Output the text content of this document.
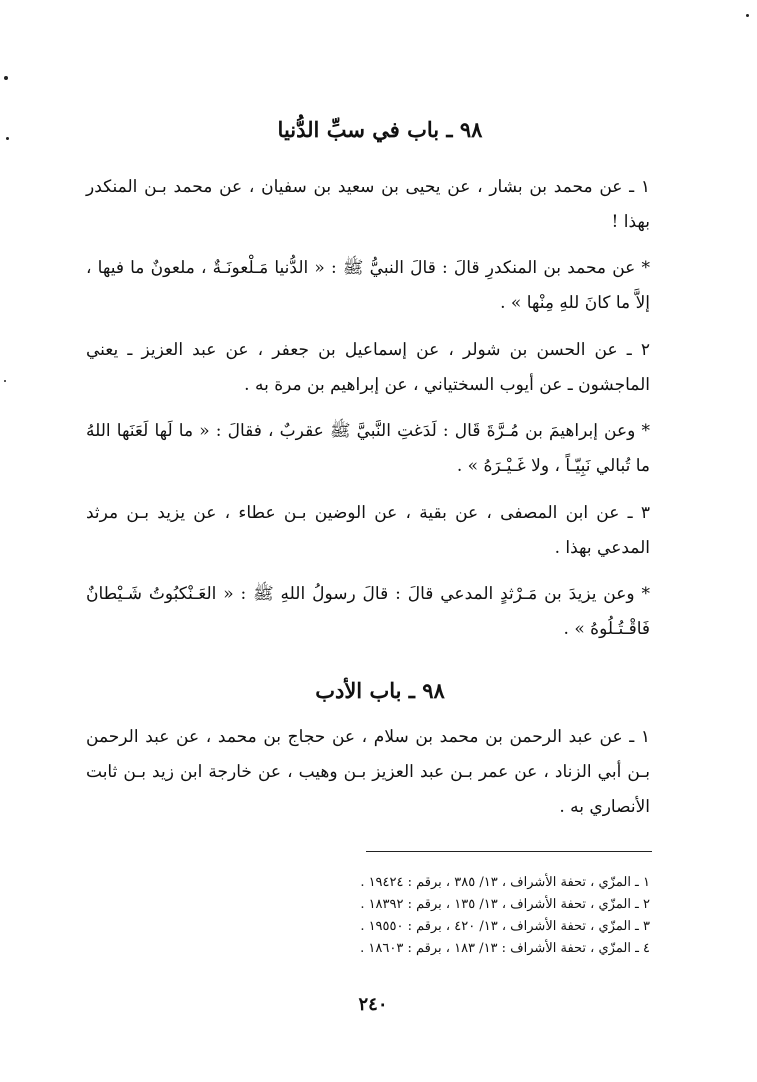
٩٨ ـ باب في سبِّ الدُّنيا
١ ـ عن محمد بن بشار ، عن يحيى بن سعيد بن سفيان ، عن محمد بـن المنكدر بهذا !
* عن محمد بن المنكدرِ قالَ : قالَ النبيُّ ﷺ : « الدُّنيا مَـلْعونَـةٌ ، ملعونٌ ما فيها ، إلاَّ ما كانَ للهِ مِنْها » .
٢ ـ عن الحسن بن شولر ، عن إسماعيل بن جعفر ، عن عبد العزيز ـ يعني الماجشون ـ عن أيوب السختياني ، عن إبراهيم بن مرة به .
* وعن إبراهيمَ بن مُـرَّةَ قَال : لَدَغتِ النَّبيَّ ﷺ عقربٌ ، فقالَ : « ما لَها لَعَنَها اللهُ ما تُبالي نَبِيّـاً ، ولا غَـيْـرَهُ » .
٣ ـ عن ابن المصفى ، عن بقية ، عن الوضين بـن عطاء ، عن يزيد بـن مرثد المدعي بهذا .
* وعن يزيدَ بن مَـرْثدٍ المدعي قالَ : قالَ رسولُ اللهِ ﷺ : « العَـنْكبُوتُ شَـيْطانٌ فَاقْـتُـلُوهُ » .
٩٨ ـ باب الأدب
١ ـ عن عبد الرحمن بن محمد بن سلام ، عن حجاج بن محمد ، عن عبد الرحمن بـن أبي الزناد ، عن عمر بـن عبد العزيز بـن وهيب ، عن خارجة ابن زيد بـن ثابت الأنصاري به .
١ ـ المزّي ، تحفة الأشراف ، ١٣/ ٣٨٥ ، برقم : ١٩٤٢٤ .
٢ ـ المزّي ، تحفة الأشراف ، ١٣/ ١٣٥ ، برقم : ١٨٣٩٢ .
٣ ـ المزّي ، تحفة الأشراف ، ١٣/ ٤٢٠ ، برقم : ١٩٥٥٠ .
٤ ـ المزّي ، تحفة الأشراف : ١٣/ ١٨٣ ، برقم : ١٨٦٠٣ .
٢٤٠
